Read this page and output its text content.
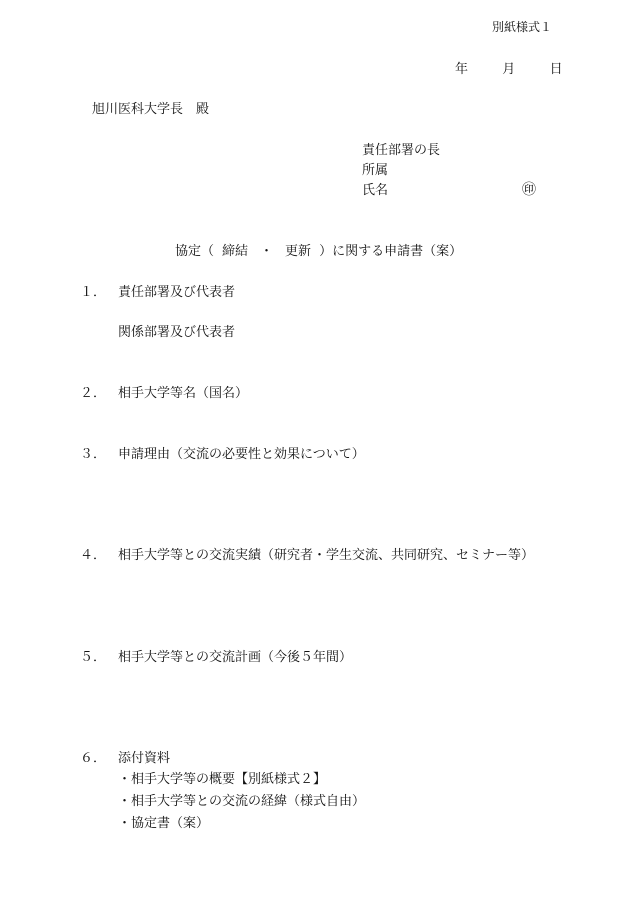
別紙様式１
年	月	日
旭川医科大学長　殿
責任部署の長
所属
氏名	㊞
協定（ 締結 ・ 更新 ）に関する申請書（案）
１． 責任部署及び代表者
関係部署及び代表者
２． 相手大学等名（国名）
３． 申請理由（交流の必要性と効果について）
４． 相手大学等との交流実績（研究者・学生交流、共同研究、セミナー等）
５． 相手大学等との交流計画（今後５年間）
６． 添付資料
・相手大学等の概要【別紙様式２】
・相手大学等との交流の経緯（様式自由）
・協定書（案）
